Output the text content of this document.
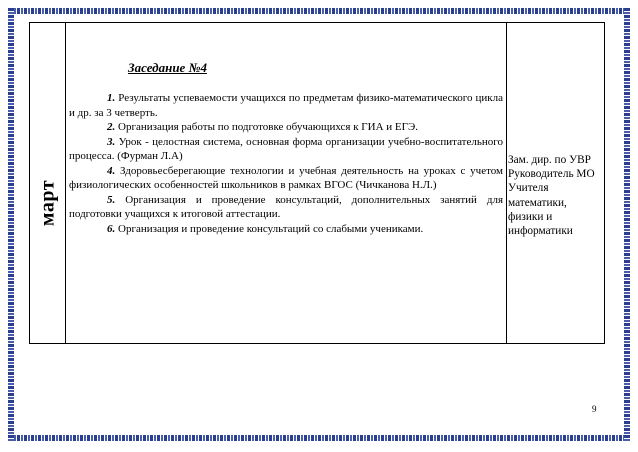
март
Заседание №4

1. Результаты успеваемости учащихся по предметам физико-математического цикла и др. за 3 четверть.

2. Организация работы по подготовке обучающихся к ГИА и ЕГЭ.

3. Урок - целостная система, основная форма организации учебно-воспитательного процесса. (Фурман Л.А)

4. Здоровьесберегающие технологии и учебная деятельность на уроках с учетом физиологических особенностей школьников в рамках ВГОС (Чичканова Н.Л.)

5. Организация и проведение консультаций, дополнительных занятий для подготовки учащихся к итоговой аттестации.

6. Организация и проведение консультаций со слабыми учениками.

Зам. дир. по УВР
Руководитель МО
Учителя
математики,
физики и
информатики
9
